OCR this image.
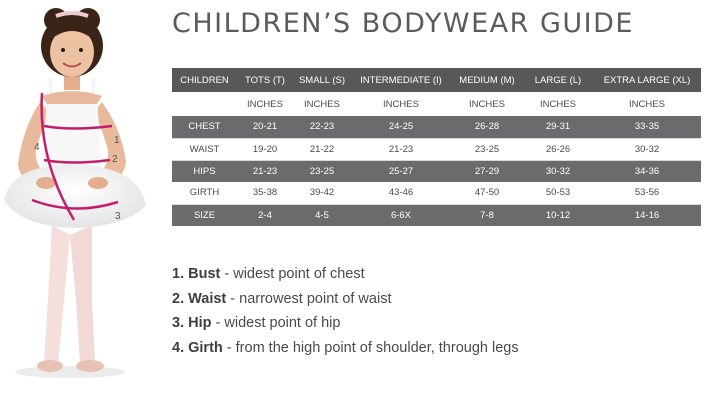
4
1
2
3
CHILDREN’S BODYWEAR GUIDE
CHILDREN	TOTS (T)	SMALL (S)	INTERMEDIATE (I)	MEDIUM (M)	LARGE (L)	EXTRA LARGE (XL)
	INCHES	INCHES	INCHES	INCHES	INCHES	INCHES
CHEST	20-21	22-23	24-25	26-28	29-31	33-35
WAIST	19-20	21-22	21-23	23-25	26-26	30-32
HIPS	21-23	23-25	25-27	27-29	30-32	34-36
GIRTH	35-38	39-42	43-46	47-50	50-53	53-56
SIZE	2-4	4-5	6-6X	7-8	10-12	14-16
1. Bust - widest point of chest
2. Waist - narrowest point of waist
3. Hip - widest point of hip
4. Girth - from the high point of shoulder, through legs
